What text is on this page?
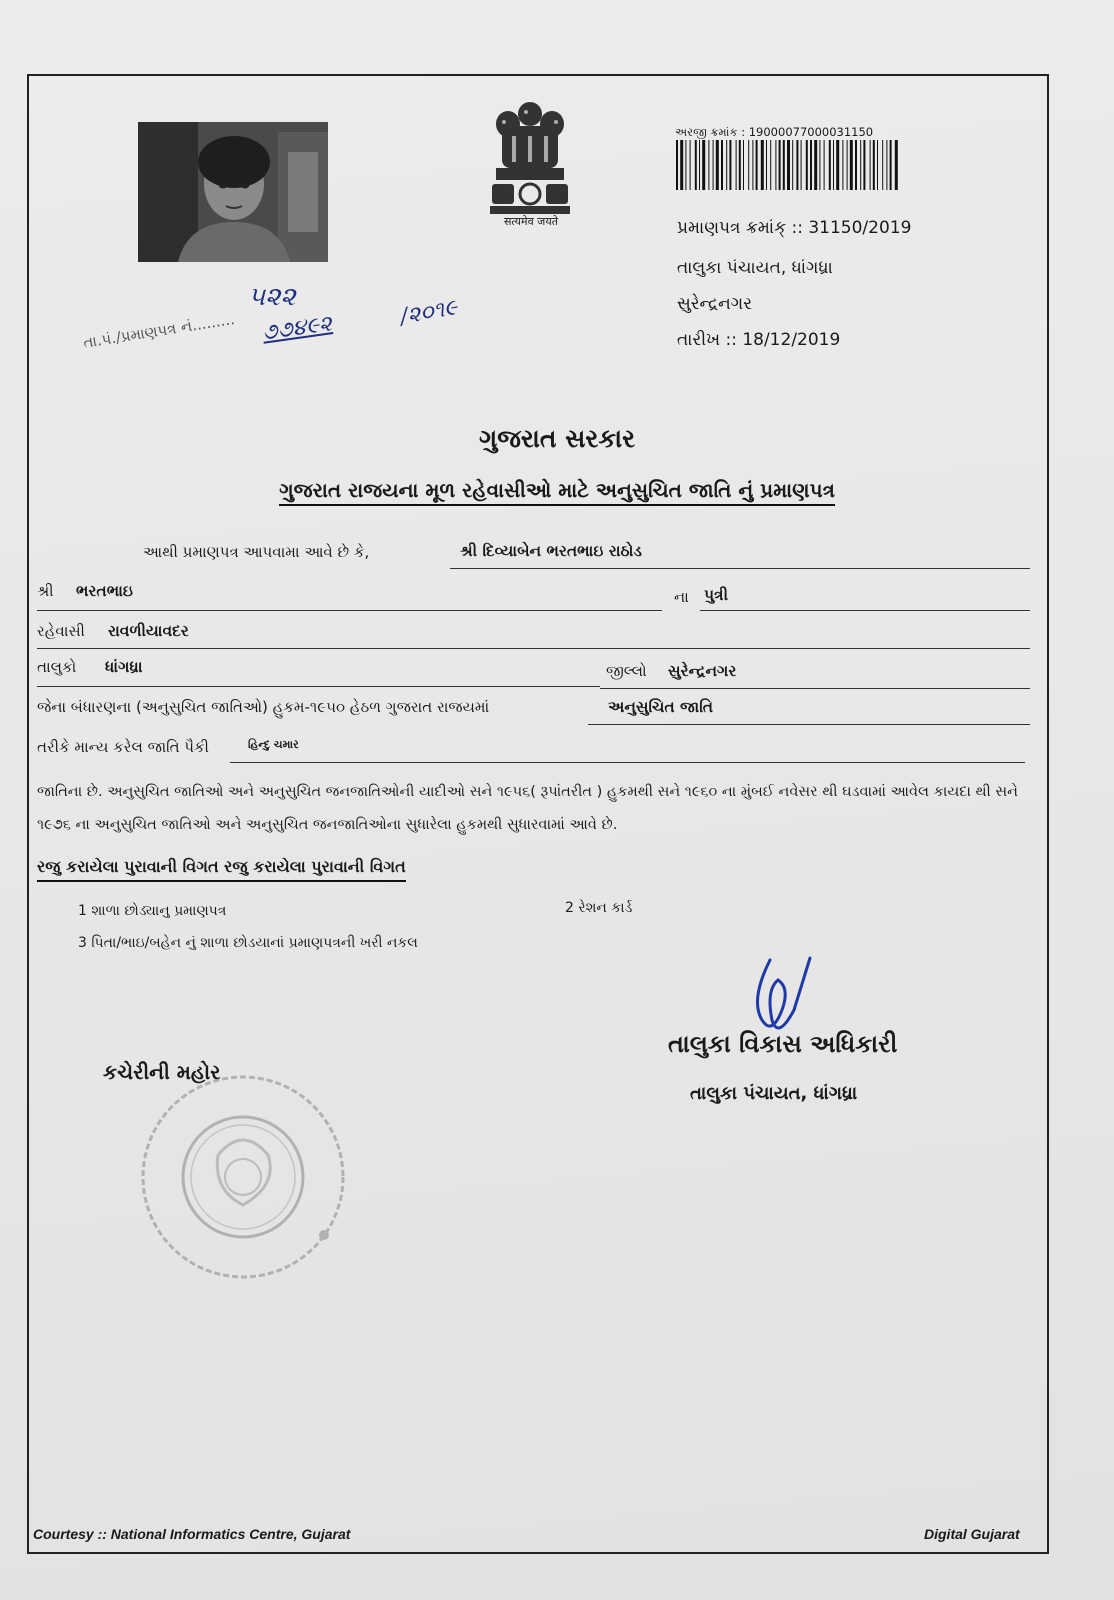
सत्यमेव जयते
અરજી ક્રમાંક : 19000077000031150
પ્રમાણપત્ર ક્રમાંક્ :: 31150/2019
તાલુકા પંચાયત, ધાંગધ્રા
સુરેન્દ્રનગર
તારીખ :: 18/12/2019
૫૨૨
તા.પં./પ્રમાણપત્ર નં......... ૭૭૪૯૨	/૨૦૧૯
ગુજરાત સરકાર
ગુજરાત રાજયના મૂળ રહેવાસીઓ માટે અનુસુચિત જાતિ નું પ્રમાણપત્ર
આથી પ્રમાણપત્ર આપવામા આવે છે કે,	શ્રી દિવ્યાબેન ભરતભાઇ રાઠોડ
શ્રી ભરતભાઇ	ના પુત્રી
રહેવાસી રાવળીયાવદર
તાલુકો ધાંગધ્રા	જીલ્લો સુરેન્દ્રનગર
જેના બંધારણના (અનુસુચિત જાતિઓ) હુકમ-૧૯૫૦ હેઠળ ગુજરાત રાજયમાં	અનુસુચિત જાતિ
તરીકે માન્ય કરેલ જાતિ પૈકી	હિન્દુ ચમાર
જાતિના છે. અનુસુચિત જાતિઓ અને અનુસુચિત જનજાતિઓની યાદીઓ સને ૧૯૫૬( રૂપાંતરીત ) હુકમથી સને ૧૯૬૦ ના મુંબઈ નવેસર થી ઘડવામાં આવેલ કાયદા થી સને ૧૯૭૬ ના અનુસુચિત જાતિઓ અને અનુસુચિત જનજાતિઓના સુધારેલા હુકમથી સુધારવામાં આવે છે.
રજુ કરાયેલા પુરાવાની વિગત રજુ કરાયેલા પુરાવાની વિગત
1 શાળા છોડ્યાનુ પ્રમાણપત્ર	2 રેશન કાર્ડ
3 પિતા/ભાઇ/બહેન નું શાળા છોડયાનાં પ્રમાણપત્રની ખરી નકલ
તાલુકા વિકાસ અધિકારી
તાલુકા પંચાયત, ધાંગધ્રા
કચેરીની મહોર
Courtesy :: National Informatics Centre, Gujarat	Digital Gujarat
